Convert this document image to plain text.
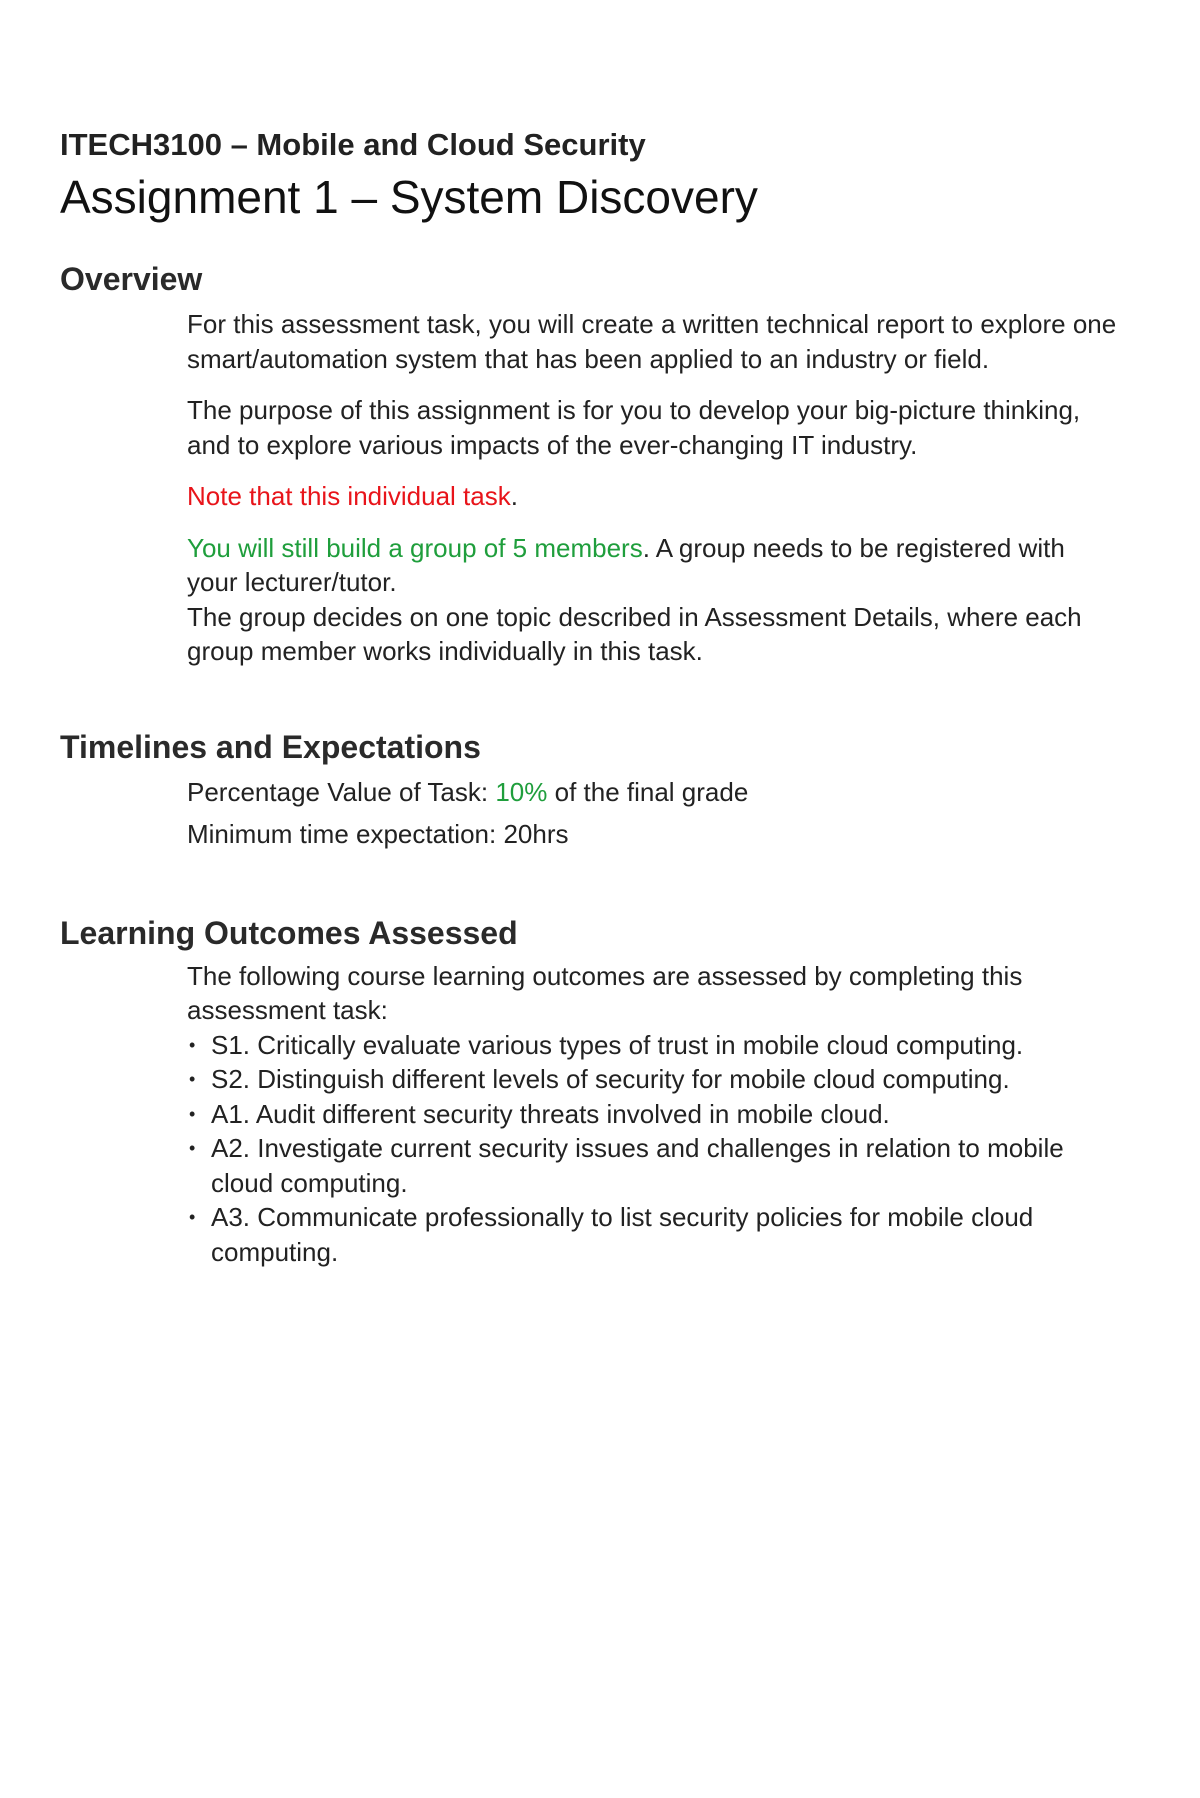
ITECH3100 – Mobile and Cloud Security
Assignment 1 – System Discovery
Overview

For this assessment task, you will create a written technical report to explore one smart/automation system that has been applied to an industry or field.

The purpose of this assignment is for you to develop your big-picture thinking, and to explore various impacts of the ever-changing IT industry.

Note that this individual task.

You will still build a group of 5 members. A group needs to be registered with your lecturer/tutor.

The group decides on one topic described in Assessment Details, where each group member works individually in this task.

Timelines and Expectations

Percentage Value of Task: 10% of the final grade

Minimum time expectation: 20hrs

Learning Outcomes Assessed

The following course learning outcomes are assessed by completing this assessment task:

• S1. Critically evaluate various types of trust in mobile cloud computing.
• S2. Distinguish different levels of security for mobile cloud computing.
• A1. Audit different security threats involved in mobile cloud.
• A2. Investigate current security issues and challenges in relation to mobile cloud computing.
• A3. Communicate professionally to list security policies for mobile cloud computing.
